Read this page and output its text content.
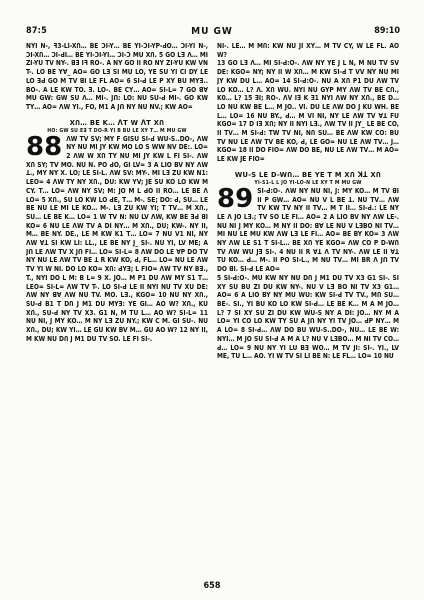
87:5	MU GW	89:10

NYI N-, ꟻ3-LI-XՈ… BE ꓛI-Y… BE YI-ꓛI-YP-ꓒO… ꓛI-YI N-, ꓛI-XՈ… ꓛI-ꓒI… BE YI-ꓛI-YI… ꓛI-ꓛ MU XՈ. 5 GO Lꓱ ꓥ… MI ZI-YU TV NY-. ꓭꓱ ꓲꟻ RO-. A NY GO ꓲꓲ RO NY ZI-YU KW VN T-. LO BE ꓬꓯ_ AO= GO Lꓱ SI MU LO, YE SU YI CI DY LE LO ꓱꓒ GO M TV ꓭꓲ LE FL AO= 6 SI-ꓒ LE P XY BU MYꓱ.. BO-. A LE KW TO. ꓱ. LO-. BE CY… AO= SI-L= 7 GO ꓭꓯ MU GW: GW SU ꓥ… MI-. Jꓵ: LO: NU SU-ꓒ MI-. GO KW TY… AO= ꓥW YI., FO, M1 A Jꓵ NY NU NV.; KW AO=

XՈ… BE K… ꓥT W ꓥT XՈ
HO: GW SU Eꓱ T ꓓO-R YI B BU LE XY T… M MU GW

88 ꓥW TV SV; MY F GꓲSU SI-ꓒ WU-S..ꓓO-, ꓥW NY NU MI JY KW MO LO S WW NV DE:. LO= 2 ꓥW W XՈ TY NU MI JY KW L FI SI-. ꓥW XՈ SY; TV MO. NU N. PO ꓒO, Gꓲ LV= 3 A LIO BV NY ꓥW ꓕ., MY NY X. LO; LE SI-L. ꓥW SV: MY-. MI Lꓱ ZU KW N1: LEO= 4 ꓥW TY NY XՈ., DU: KW YV; JE SU KO LO KW M CY. T… LO= ꓥW NY SV; M: JO M L ꓒO ꓲꓲ RO… LE BE ꓥ LO= 5 XՈ., SU LO KW LO ꓒE, T… M-. SE; DO: ꓒ, SU… LE BE NU LE MI LE KO… M-. Lꓱ ZU KW YI; T TV… M XՈ., SU… LE BE K… LO= 1 W TV N: NU LV ꓥW, KW BE ꓱꓒ ꓭꓲ KO= 6 NU LE ꓥW TV A DI NY… M XՈ., DU; KW-. NY ꓲꓲ, M… BE NY. DE., LE M KW K1 T… LO= 7 NU V1 NI, NY ꓥW ꓯꓕ SI KW LI: LL., LE BE NY J_ SI-. NU YI, LV ME; A Jꓵ LE ꓥW TV X Jꓵ FI… LO= SI-L= 8 ꓥW DO LE ꓯP DO TV NY NU LE ꓥW TV BE ꓕ R KW KO, ꓒ, FL… LO= NU LE ꓥW TV YI W NI. DO LO KO= XՈ: ꓒYꓱ; L FIO= ꓥW TV NY Bꓱ., T., NYI DO L M: B L= 9 X. JO… M P1 DU ꓥW MY S1 T… LEO= SI-L= ꓥW TV T-. LO SI-ꓒ LE ꓲꓲ NYI NU TV XU DE: ꓥW NY ꓭꓯ ꓥW NU TV. MO. Lꓱ., KGO= 10 NU NY XՈ., SU-ꓒ B1 T DՈ J M1 DU MYꓱ: YE Gꓲ… AO W? XՈ., KU XՈ., SU-ꓒ NY TV X3. G1 N, M TU L… AO W? SI-L= 11 NU NI, J MY KO… M NY Lꓱ ZU NY.; KW C M. Gꓲ SU-. NU XՈ., DU; KW YI… LE GU KW BV M… GU AO W? 12 NY ꓲꓲ, M KW NU DՈ J M1 DU TV SO. LE FI SI-.

NI-. LE… M MՈ: KW NU JI XY… M TV CY, W LE FL. AO W?

13 GO Lꓱ ꓥ… MI SI-ꓒ:O-. ꓥW NY YE J L N, M NU TV SV DE: KGO= NY; NY ꓲꓲ W XՈ… M KW SI-ꓒ T VV NY NU MI JY KW DU L… AO= 14 SI-ꓒ:O-. NU A XՈ P1 DU ꓥW TV LO KO… L? ꓥ. XՈ WU. NYI NU GYP MY ꓥW TV BE CՈ., K0… L? 15 ꓱꓲ; RO-. ꓥV ꓲꓱ K ꓱ1 NYI ꓥW NY XՈ., BE D… LO NU KW BE L… M JO.. VI. DU LE ꓥW DO J KU WH. BE L… LO= 16 NU BY., ꓒ… M VI NI, NY LE ꓥW TV ꓯꓕ FU KGO= 17 ꓓ ꓲꓱ XՈ; NY ꓲꓲ NYI Lꓱ., ꓥW TV ꓲꓲ JY_ LE BE CO, ꓲꓲ TV… M SI-ꓒ: TW TV NI, NՈ SU… BE ꓥW KW CO: BU TV NU LE ꓥW TV BE KO, ꓒ, LE GO= NU LE ꓥW TV… J… KGO= 18 ꓲꓲ DO FIO= ꓥW DO BE, NU LE ꓥW TV… M AO= LE KW JE FIO=

WU-S LE D-WՈ… BE YE T M XՈ ꓘꓕ XՈ
YI-S1-L L JO YI-LO-N LE XY T M MU GW

89 SI-ꓒ:O-. ꓥW NY NU NI, J: MY KO… M TV ꓭꓲ ꓲꓲ P GW… AO= NU V L BE ꓕ. NU TV… ꓥW TV KW TV NY ꓲꓲ TV… M T ꓲꓲ… SI-ꓒ.: LE NY LE ꓥ JO Lꓱ.; TV SO LE FI… AO= 2 A LIO BV NY ꓥW LE-. NU NI J MY KO… M NY ꓲꓲ DO: ꓭꓯ LE NU V LꓱBO NI TV… MI NU LE MU KW ꓥW Lꓱ LE FI… AO= BE BY KO= 3 ꓥW NY ꓥW LE S1 T SI-L… BE XՈ YE KGO= ꓥW CO P D-WՈ TV ꓥW WU Jꓱ SI-. 4 NU ꓲꓲ R ꓯꓕ ꓥ TV NY-. ꓥW LE ꓲꓲ ꓯꓕ TU KO… ꓒ… M-. ꓲꓲ PO SI-L., M NU TV… MI BR ꓥ Jꓵ TV DO ꓭꓲ. SI-ꓒ LE AO=

5 SI-ꓒ:O-. MU KW NY NU DՈ J M1 DU TV X3 G1 SI-. SI XY SU BU ZI DU KW NY-. NU V Lꓱ BO NI TV X3 G1… AO= 6 A LIO BY NY MU WU: KW SI-ꓒ TV TV., MՈ SU… BE-. SI., YI BU KO LO KW SI-ꓒ… LE BE K… M A M JO… L? 7 SI XY SU ZI DU KW WU-S NY A DI: JO… NY M A LO= YI CO LO KW TY SU A Jꓵ NY YI TV JO… ꓒP NY… M A LO= 8 SI-ꓒ… ꓥW DO BU WU-S..ꓓO-, NU… LE BE W: NYI… M JO SU SI-ꓒ A M A L? NU V LꓱBO… M NI TV CO… ꓒ… LO= 9 NU NY YI LU Bꓱ WO… M TV JI: SI-. YI., LV ME, TU L… AO. YI W TV SI LI BE N: LE FL… LO= 10 NU

658
